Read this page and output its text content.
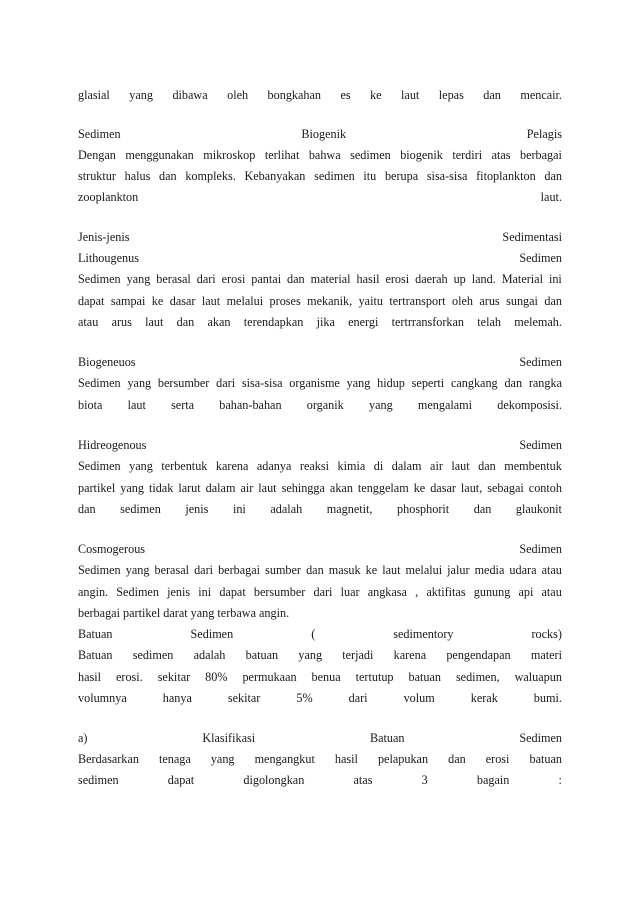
glasial yang dibawa oleh bongkahan es ke laut lepas dan mencair.
Sedimen	Biogenik	Pelagis
Dengan menggunakan mikroskop terlihat bahwa sedimen biogenik terdiri atas berbagai
struktur halus dan kompleks. Kebanyakan sedimen itu berupa sisa-sisa fitoplankton dan
zooplankton	laut.
Jenis-jenis	Sedimentasi
Lithougenus	Sedimen
Sedimen yang berasal dari erosi pantai dan material hasil erosi daerah up land. Material ini
dapat sampai ke dasar laut melalui proses mekanik, yaitu tertransport oleh arus sungai dan
atau arus laut dan akan terendapkan jika energi tertrransforkan telah melemah.
Biogeneuos	Sedimen
Sedimen yang bersumber dari sisa-sisa organisme yang hidup seperti cangkang dan rangka
biota laut serta bahan-bahan organik yang mengalami dekomposisi.
Hidreogenous	Sedimen
Sedimen yang terbentuk karena adanya reaksi kimia di dalam air laut dan membentuk
partikel yang tidak larut dalam air laut sehingga akan tenggelam ke dasar laut, sebagai contoh
dan sedimen jenis ini adalah magnetit, phosphorit dan glaukonit
Cosmogerous	Sedimen
Sedimen yang berasal dari berbagai sumber dan masuk ke laut melalui jalur media udara atau
angin. Sedimen jenis ini dapat bersumber dari luar angkasa , aktifitas gunung api atau
berbagai partikel darat yang terbawa angin.
Batuan	Sedimen	(	sedimentory	rocks)
Batuan sedimen adalah batuan yang terjadi karena pengendapan materi
hasil erosi. sekitar 80% permukaan benua tertutup batuan sedimen, waluapun
volumnya	hanya	sekitar	5%	dari	volum	kerak	bumi.
a)	Klasifikasi	Batuan	Sedimen
Berdasarkan tenaga yang mengangkut hasil pelapukan dan erosi batuan
sedimen	dapat	digolongkan	atas	3	bagain	:
